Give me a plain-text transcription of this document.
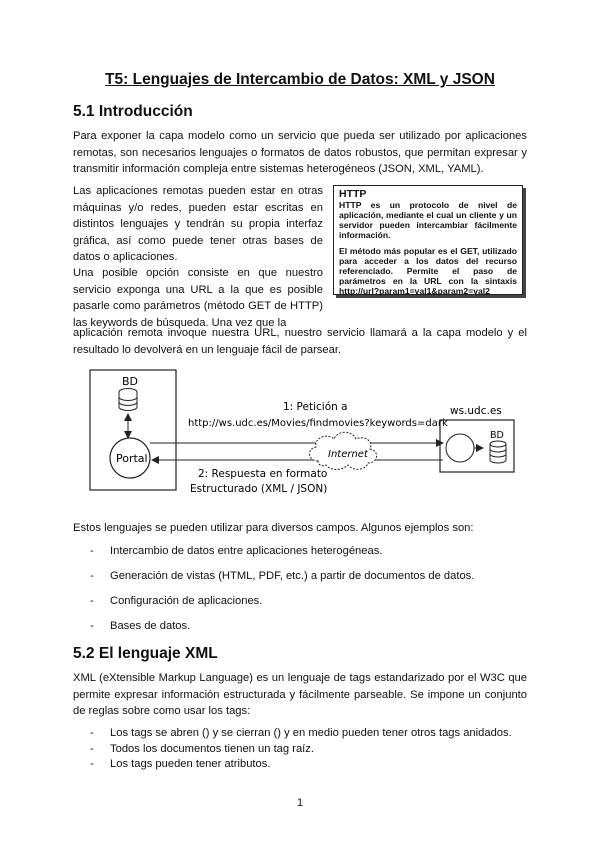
T5: Lenguajes de Intercambio de Datos: XML y JSON
5.1 Introducción

Para exponer la capa modelo como un servicio que pueda ser utilizado por aplicaciones remotas, son necesarios lenguajes o formatos de datos robustos, que permitan expresar y transmitir información compleja entre sistemas heterogéneos (JSON, XML, YAML).

Las aplicaciones remotas pueden estar en otras máquinas y/o redes, pueden estar escritas en distintos lenguajes y tendrán su propia interfaz gráfica, así como puede tener otras bases de datos o aplicaciones.

Una posible opción consiste en que nuestro servicio exponga una URL a la que es posible pasarle como parámetros (método GET de HTTP) las keywords de búsqueda. Una vez que la

aplicación remota invoque nuestra URL, nuestro servicio llamará a la capa modelo y el resultado lo devolverá en un lenguaje fácil de parsear.

HTTP

HTTP es un protocolo de nivel de aplicación, mediante el cual un cliente y un servidor pueden intercambiar fácilmente información.

El método más popular es el GET, utilizado para acceder a los datos del recurso referenciado. Permite el paso de parámetros en la URL con la sintaxis http://url?param1=val1&param2=val2

BD
Portal
1: Petición a
http://ws.udc.es/Movies/findmovies?keywords=dark
2: Respuesta en formato
Estructurado (XML / JSON)
Internet
ws.udc.es
BD

Estos lenguajes se pueden utilizar para diversos campos. Algunos ejemplos son:

- Intercambio de datos entre aplicaciones heterogéneas.
- Generación de vistas (HTML, PDF, etc.) a partir de documentos de datos.
- Configuración de aplicaciones.
- Bases de datos.
5.2 El lenguaje XML

XML (eXtensible Markup Language) es un lenguaje de tags estandarizado por el W3C que permite expresar información estructurada y fácilmente parseable. Se impone un conjunto de reglas sobre como usar los tags:

- Los tags se abren () y se cierran () y en medio pueden tener otros tags anidados.
- Todos los documentos tienen un tag raíz.
- Los tags pueden tener atributos.
1
